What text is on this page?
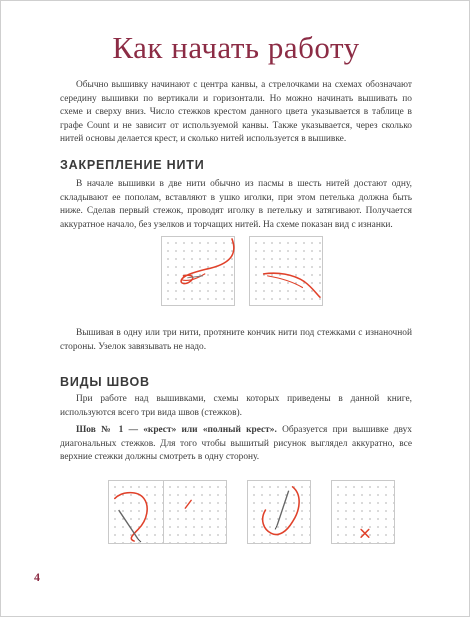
Как начать работу
Обычно вышивку начинают с центра канвы, а стрелочками на схемах обозначают середину вышивки по вертикали и горизонтали. Но можно начинать вышивать по схеме и сверху вниз. Число стежков крестом данного цвета указывается в таблице в графе Count и не зависит от используемой канвы. Также указывается, через сколько нитей основы делается крест, и сколько нитей используется в вышивке.
ЗАКРЕПЛЕНИЕ НИТИ
В начале вышивки в две нити обычно из пасмы в шесть нитей достают одну, складывают ее пополам, вставляют в ушко иголки, при этом петелька должна быть ниже. Сделав первый стежок, проводят иголку в петельку и затягивают. Получается аккуратное начало, без узелков и торчащих нитей. На схеме показан вид с изнанки.
Вышивая в одну или три нити, протяните кончик нити под стежками с изнаночной стороны. Узелок завязывать не надо.
ВИДЫ ШВОВ
При работе над вышивками, схемы которых приведены в данной книге, используются всего три вида швов (стежков).
Шов № 1 — «крест» или «полный крест». Образуется при вышивке двух диагональных стежков. Для того чтобы вышитый рисунок выглядел аккуратно, все верхние стежки должны смотреть в одну сторону.
4
